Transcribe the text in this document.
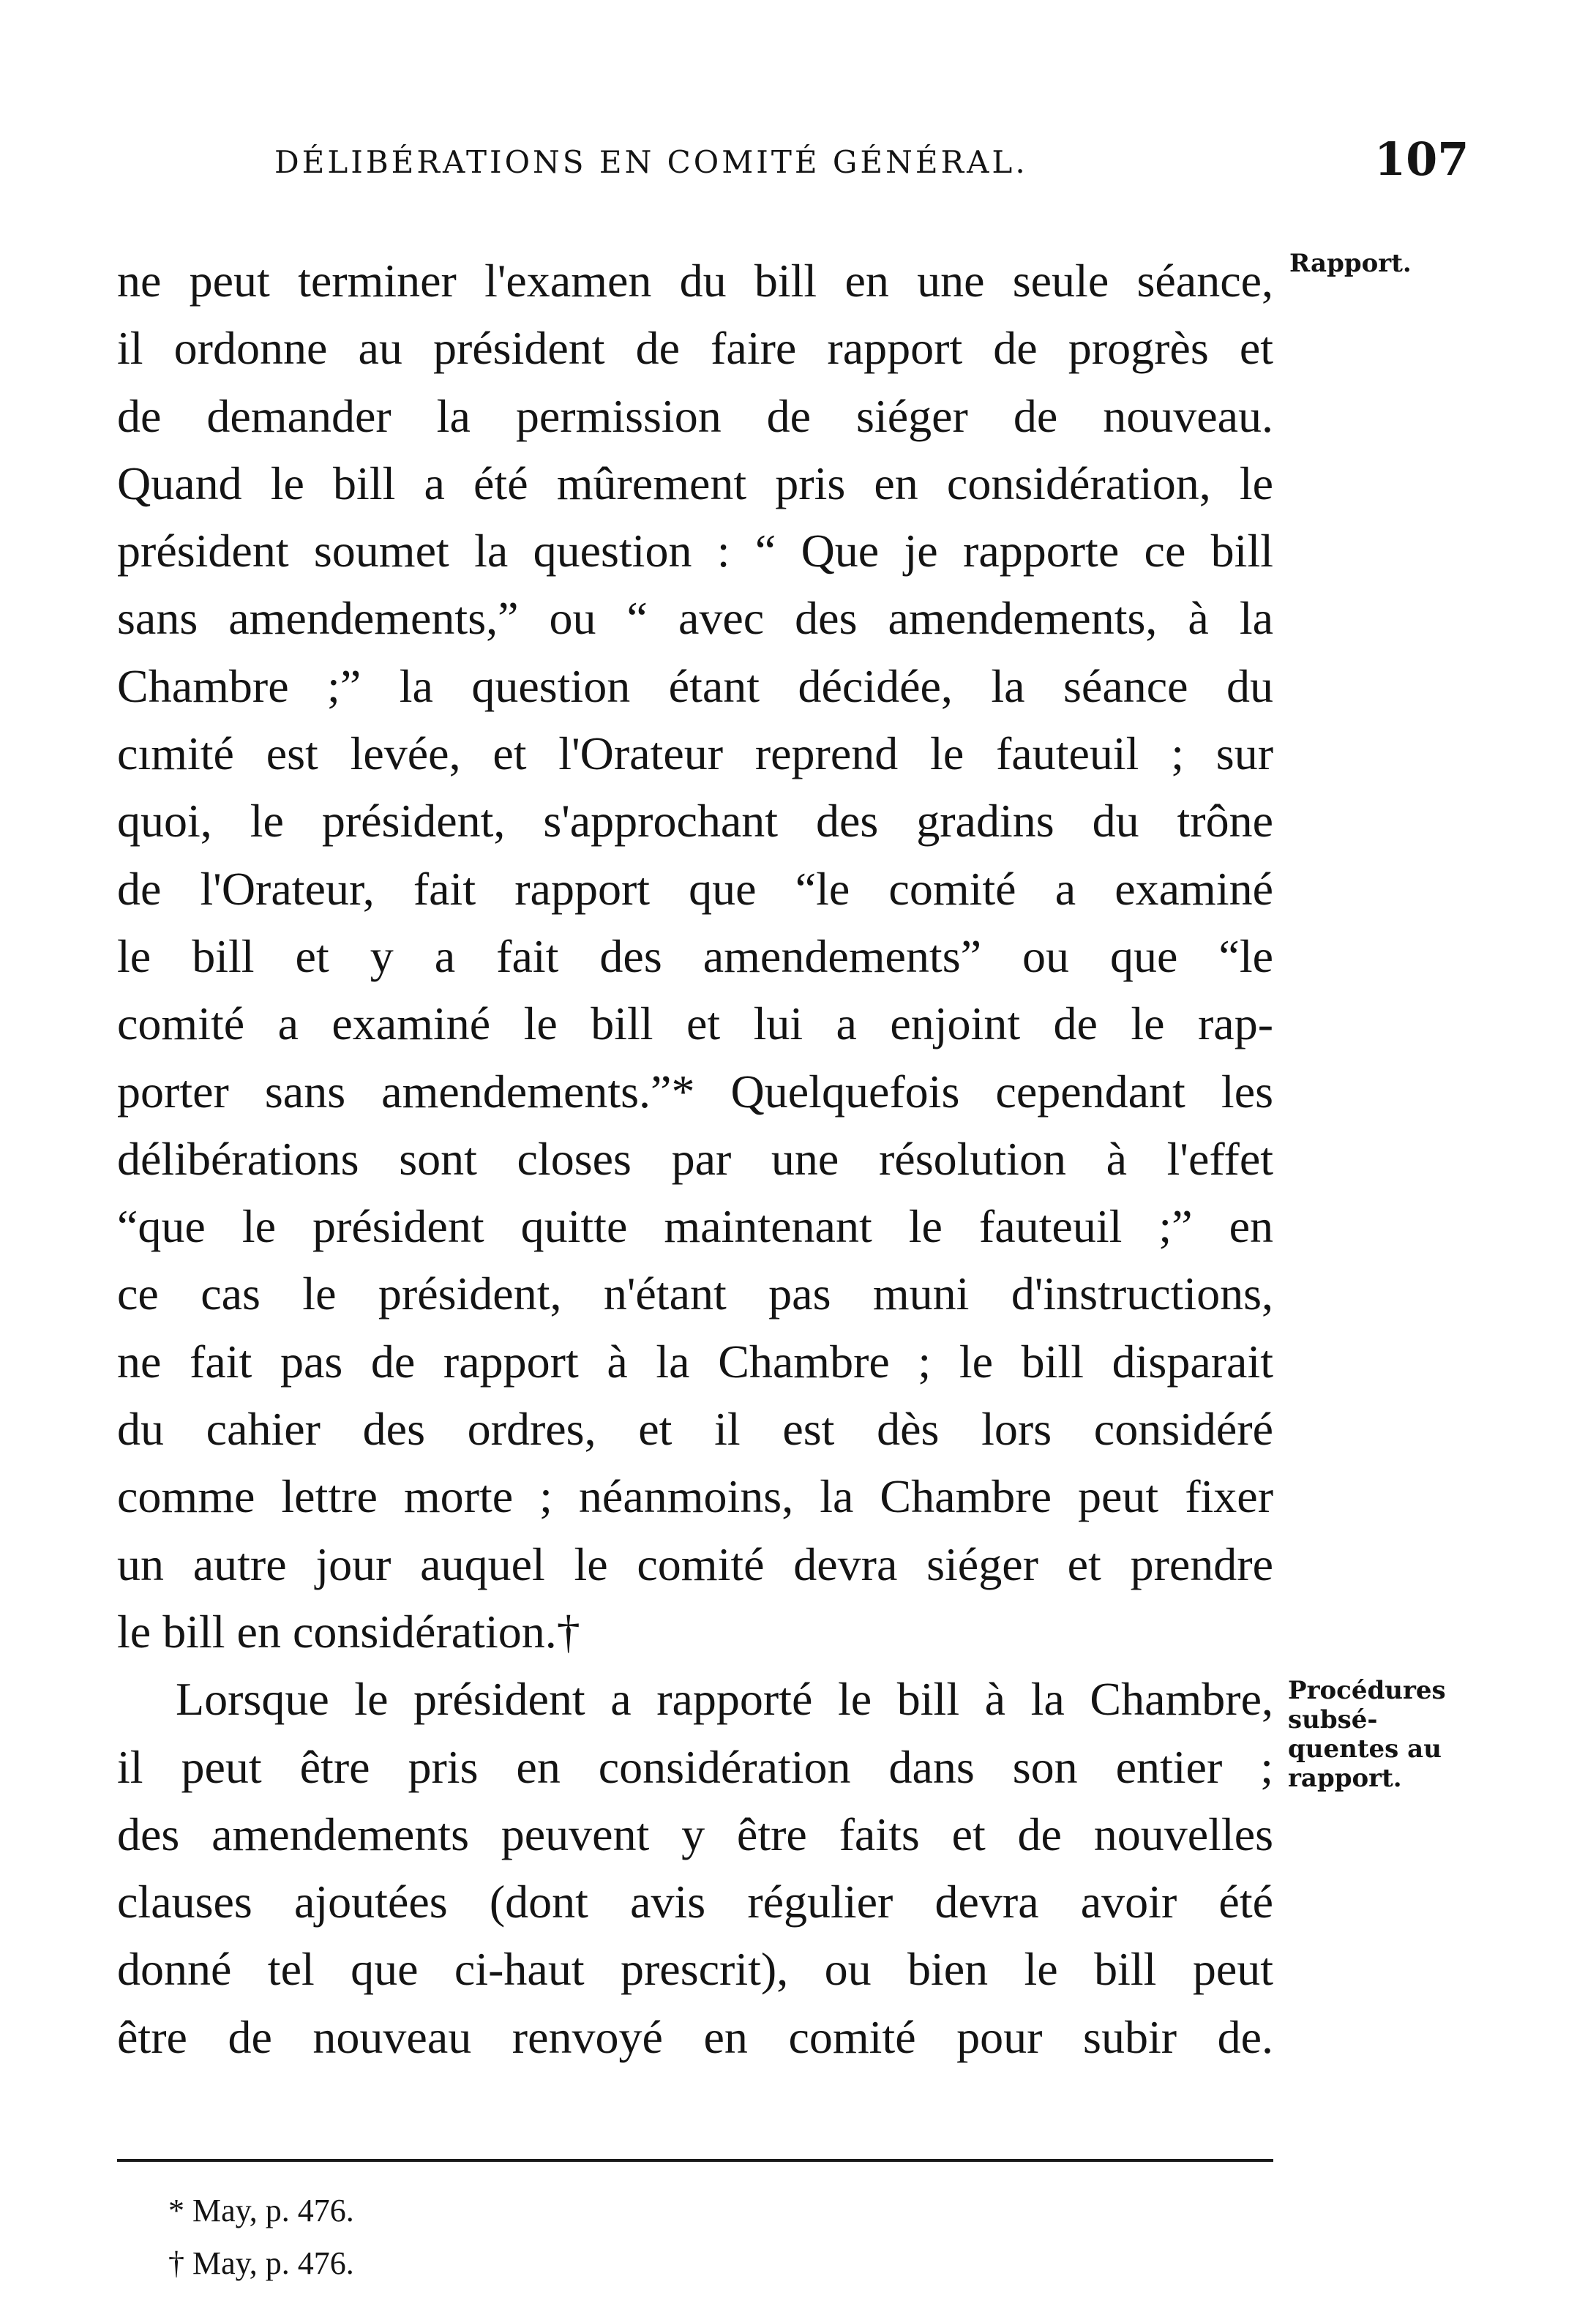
DÉLIBÉRATIONS EN COMITÉ GÉNÉRAL.	107
Rapport.
Procédures
subsé-
quentes au
rapport.
ne peut terminer l'examen du bill en une seule séance,
il ordonne au président de faire rapport de progrès et
de demander la permission de siéger de nouveau.
Quand le bill a été mûrement pris en considération, le
président soumet la question : “ Que je rapporte ce bill
sans amendements,” ou “ avec des amendements, à la
Chambre ;” la question étant décidée, la séance du
cımité est levée, et l'Orateur reprend le fauteuil ; sur
quoi, le président, s'approchant des gradins du trône
de l'Orateur, fait rapport que “le comité a examiné
le bill et y a fait des amendements” ou que “le
comité a examiné le bill et lui a enjoint de le rap-
porter sans amendements.”* Quelquefois cependant les
délibérations sont closes par une résolution à l'effet
“que le président quitte maintenant le fauteuil ;” en
ce cas le président, n'étant pas muni d'instructions,
ne fait pas de rapport à la Chambre ; le bill disparait
du cahier des ordres, et il est dès lors considéré
comme lettre morte ; néanmoins, la Chambre peut fixer
un autre jour auquel le comité devra siéger et prendre
le bill en considération.†
Lorsque le président a rapporté le bill à la Chambre,
il peut être pris en considération dans son entier ;
des amendements peuvent y être faits et de nouvelles
clauses ajoutées (dont avis régulier devra avoir été
donné tel que ci-haut prescrit), ou bien le bill peut
être de nouveau renvoyé en comité pour subir de.
* May, p. 476.
† May, p. 476.
